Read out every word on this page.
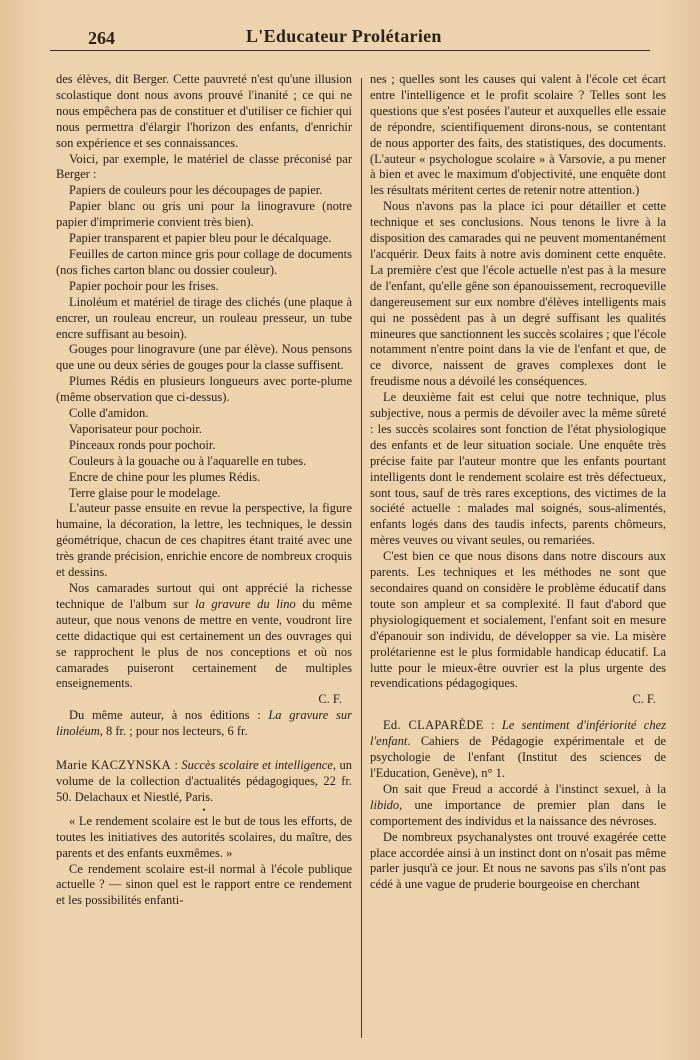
264	L'Educateur Prolétarien

des élèves, dit Berger. Cette pauvreté n'est qu'une illusion scolastique dont nous avons prouvé l'inanité ; ce qui ne nous empêchera pas de constituer et d'utiliser ce fichier qui nous permettra d'élargir l'horizon des enfants, d'enrichir son expérience et ses connaissances.

Voici, par exemple, le matériel de classe préconisé par Berger :

Papiers de couleurs pour les découpages de papier.

Papier blanc ou gris uni pour la linogravure (notre papier d'imprimerie convient très bien).

Papier transparent et papier bleu pour le décalquage.

Feuilles de carton mince gris pour collage de documents (nos fiches carton blanc ou dossier couleur).

Papier pochoir pour les frises.

Linoléum et matériel de tirage des clichés (une plaque à encrer, un rouleau encreur, un rouleau presseur, un tube encre suffisant au besoin).

Gouges pour linogravure (une par élève). Nous pensons que une ou deux séries de gouges pour la classe suffisent.

Plumes Rédis en plusieurs longueurs avec porte-plume (même observation que ci-dessus).

Colle d'amidon.

Vaporisateur pour pochoir.

Pinceaux ronds pour pochoir.

Couleurs à la gouache ou à l'aquarelle en tubes.

Encre de chine pour les plumes Rédis.

Terre glaise pour le modelage.

L'auteur passe ensuite en revue la perspective, la figure humaine, la décoration, la lettre, les techniques, le dessin géométrique, chacun de ces chapitres étant traité avec une très grande précision, enrichie encore de nombreux croquis et dessins.

Nos camarades surtout qui ont apprécié la richesse technique de l'album sur la gravure du lino du même auteur, que nous venons de mettre en vente, voudront lire cette didactique qui est certainement un des ouvrages qui se rapprochent le plus de nos conceptions et où nos camarades puiseront certainement de multiples enseignements.

C. F.

Du même auteur, à nos éditions : La gravure sur linoléum, 8 fr. ; pour nos lecteurs, 6 fr.

Marie KACZYNSKA : Succès scolaire et intelligence, un volume de la collection d'actualités pédagogiques, 22 fr. 50. Delachaux et Niestlé, Paris.

•

« Le rendement scolaire est le but de tous les efforts, de toutes les initiatives des autorités scolaires, du maître, des parents et des enfants euxmêmes. »

Ce rendement scolaire est-il normal à l'école publique actuelle ? — sinon quel est le rapport entre ce rendement et les possibilités enfanti-

nes ; quelles sont les causes qui valent à l'école cet écart entre l'intelligence et le profit scolaire ? Telles sont les questions que s'est posées l'auteur et auxquelles elle essaie de répondre, scientifiquement dirons-nous, se contentant de nous apporter des faits, des statistiques, des documents. (L'auteur « psychologue scolaire » à Varsovie, a pu mener à bien et avec le maximum d'objectivité, une enquête dont les résultats méritent certes de retenir notre attention.)

Nous n'avons pas la place ici pour détailler et cette technique et ses conclusions. Nous tenons le livre à la disposition des camarades qui ne peuvent momentanément l'acquérir. Deux faits à notre avis dominent cette enquête. La première c'est que l'école actuelle n'est pas à la mesure de l'enfant, qu'elle gêne son épanouissement, recroqueville dangereusement sur eux nombre d'élèves intelligents mais qui ne possèdent pas à un degré suffisant les qualités mineures que sanctionnent les succès scolaires ; que l'école notamment n'entre point dans la vie de l'enfant et que, de ce divorce, naissent de graves complexes dont le freudisme nous a dévoilé les conséquences.

Le deuxième fait est celui que notre technique, plus subjective, nous a permis de dévoiler avec la même sûreté : les succès scolaires sont fonction de l'état physiologique des enfants et de leur situation sociale. Une enquête très précise faite par l'auteur montre que les enfants pourtant intelligents dont le rendement scolaire est très défectueux, sont tous, sauf de très rares exceptions, des victimes de la société actuelle : malades mal soignés, sous-alimentés, enfants logés dans des taudis infects, parents chômeurs, mères veuves ou vivant seules, ou remariées.

C'est bien ce que nous disons dans notre discours aux parents. Les techniques et les méthodes ne sont que secondaires quand on considère le problème éducatif dans toute son ampleur et sa complexité. Il faut d'abord que physiologiquement et socialement, l'enfant soit en mesure d'épanouir son individu, de développer sa vie. La misère prolétarienne est le plus formidable handicap éducatif. La lutte pour le mieux-être ouvrier est la plus urgente des revendications pédagogiques.

C. F.

Ed. CLAPARÈDE : Le sentiment d'infériorité chez l'enfant. Cahiers de Pédagogie expérimentale et de psychologie de l'enfant (Institut des sciences de l'Education, Genève), n° 1.

On sait que Freud a accordé à l'instinct sexuel, à la libido, une importance de premier plan dans le comportement des individus et la naissance des névroses.

De nombreux psychanalystes ont trouvé exagérée cette place accordée ainsi à un instinct dont on n'osait pas même parler jusqu'à ce jour. Et nous ne savons pas s'ils n'ont pas cédé à une vague de pruderie bourgeoise en cherchant
